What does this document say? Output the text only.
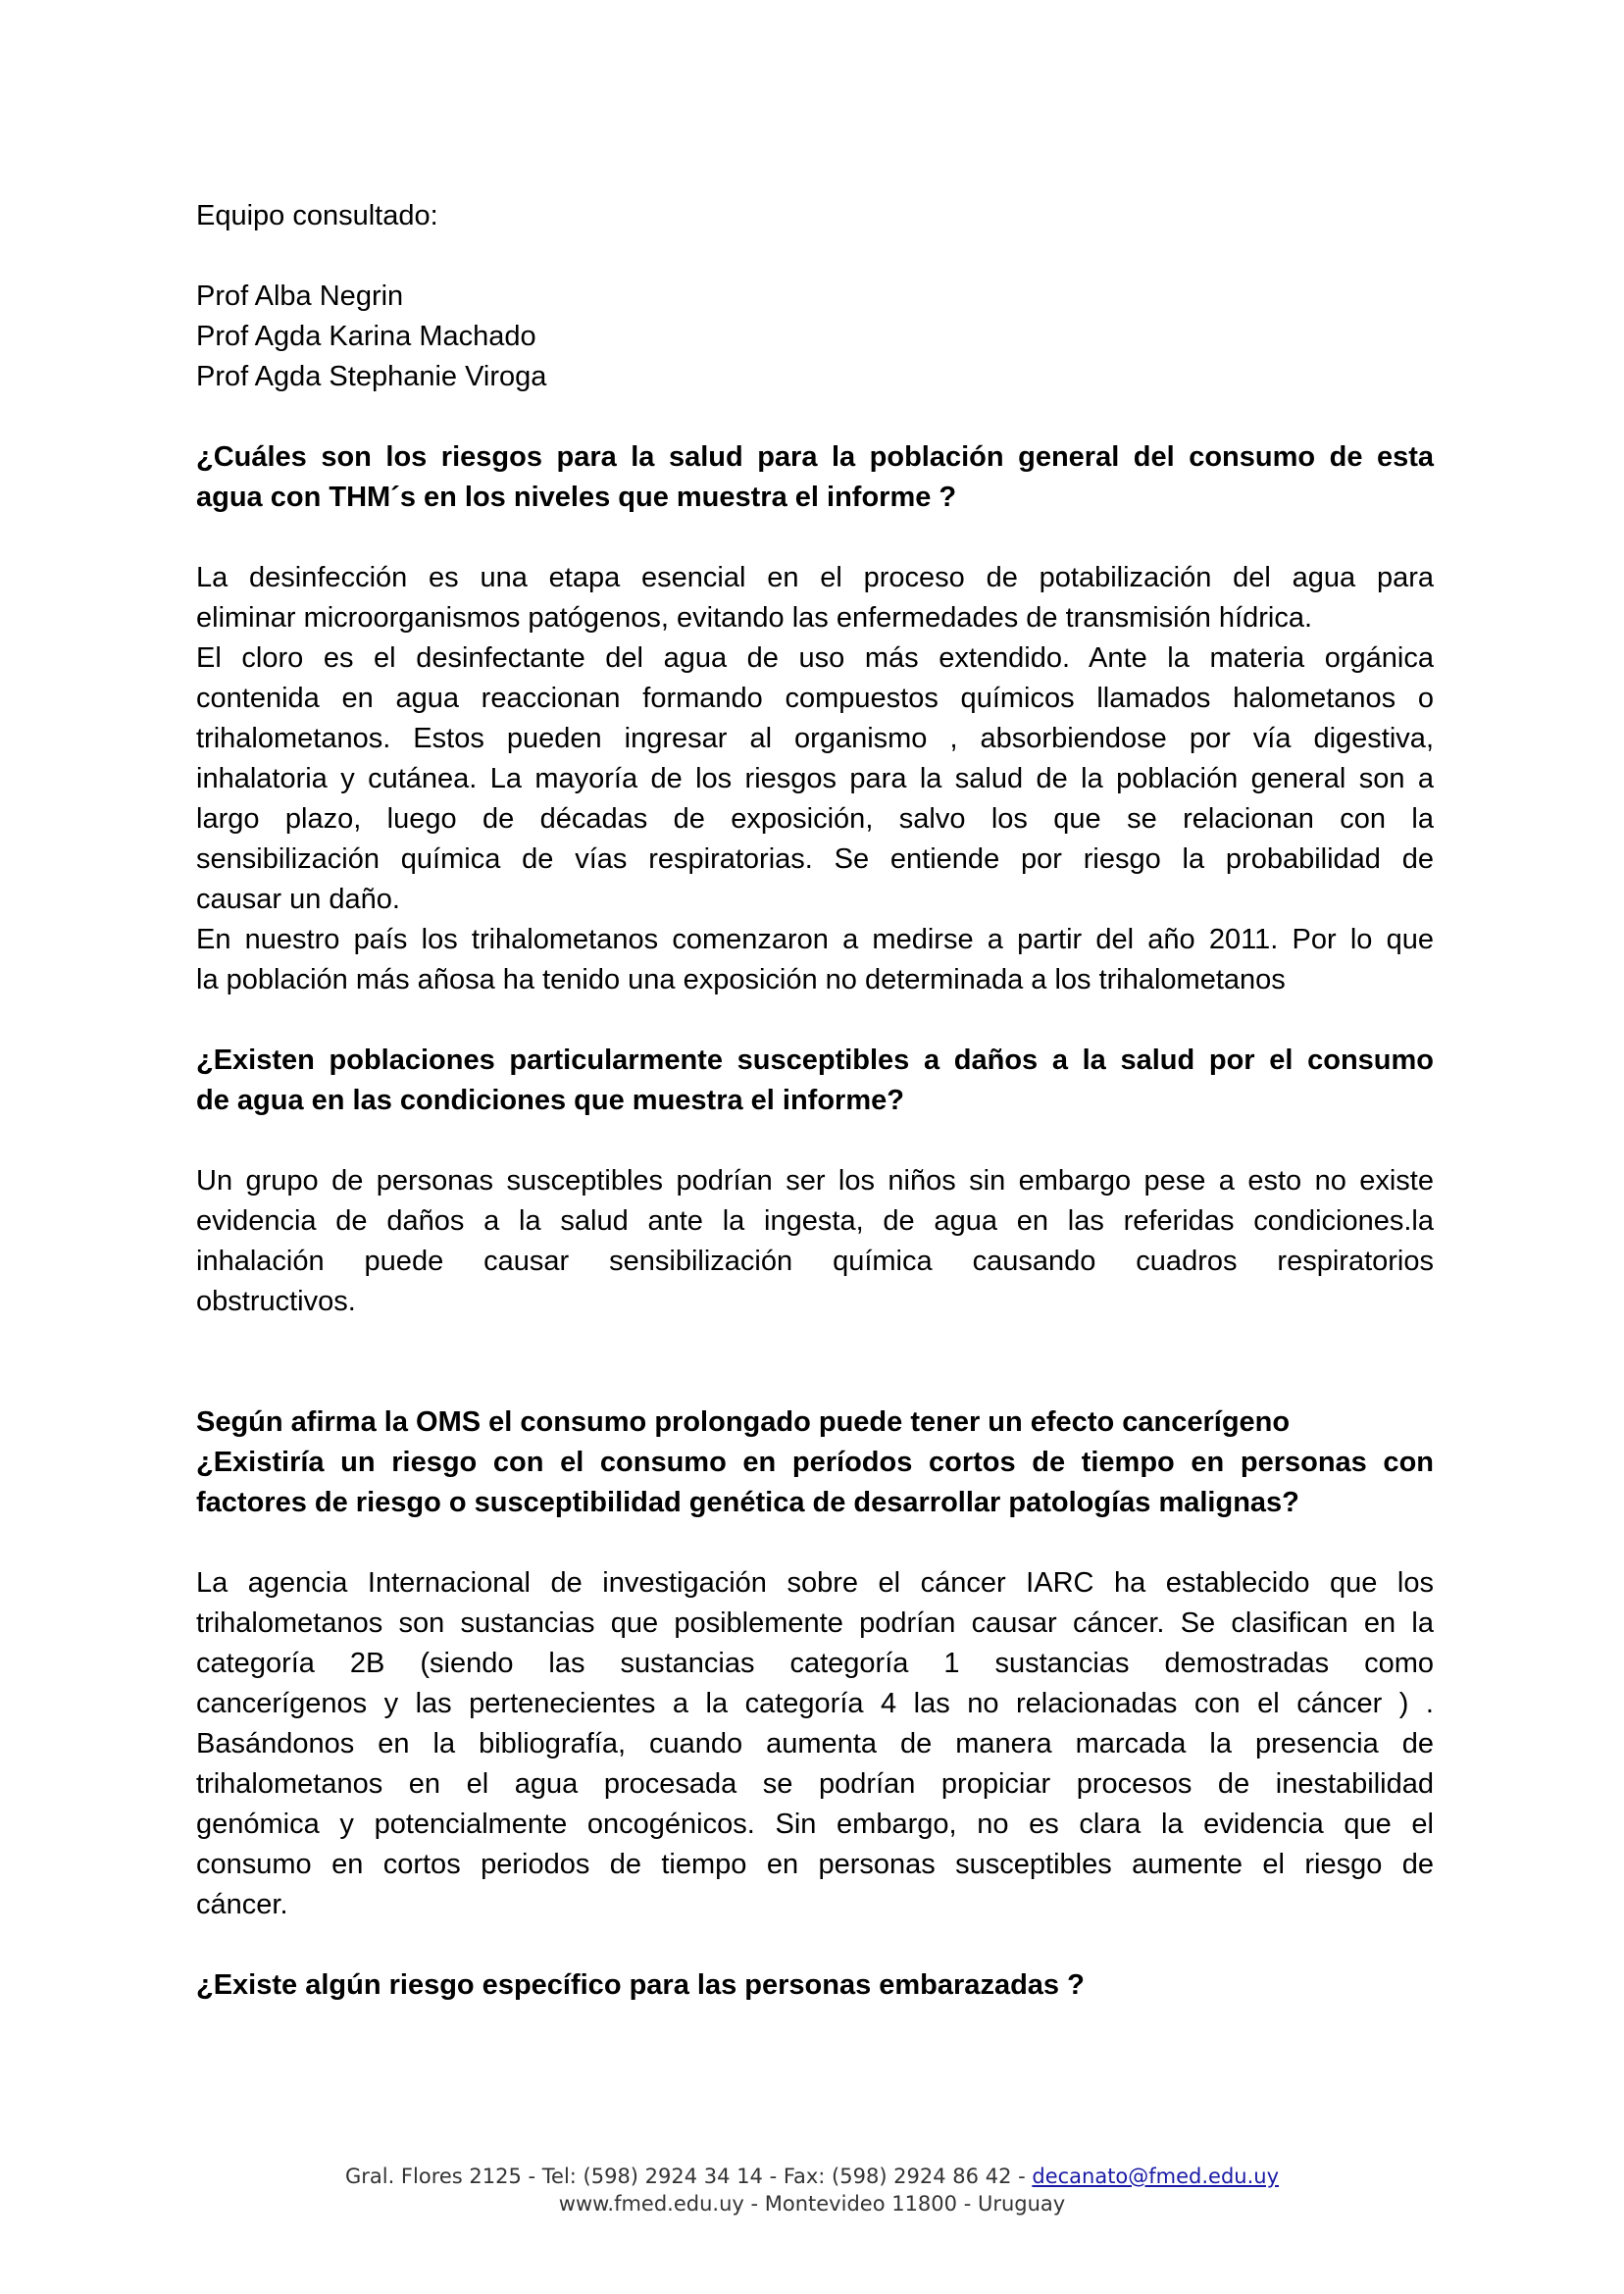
Equipo consultado:
Prof Alba Negrin
Prof Agda Karina Machado
Prof Agda Stephanie Viroga
¿Cuáles son los riesgos para la salud para la población general del consumo de esta
agua con THM´s en los niveles que muestra el informe ?
La desinfección es una etapa esencial en el proceso de potabilización del agua para
eliminar microorganismos patógenos, evitando las enfermedades de transmisión hídrica.
El cloro es el desinfectante del agua de uso más extendido. Ante la materia orgánica
contenida en agua reaccionan formando compuestos químicos llamados halometanos o
trihalometanos. Estos pueden ingresar al organismo , absorbiendose por vía digestiva,
inhalatoria y cutánea. La mayoría de los riesgos para la salud de la población general son a
largo plazo, luego de décadas de exposición, salvo los que se relacionan con la
sensibilización química de vías respiratorias. Se entiende por riesgo la probabilidad de
causar un daño.
En nuestro país los trihalometanos comenzaron a medirse a partir del año 2011. Por lo que
la población más añosa ha tenido una exposición no determinada a los trihalometanos
¿Existen poblaciones particularmente susceptibles a daños a la salud por el consumo
de agua en las condiciones que muestra el informe?
Un grupo de personas susceptibles podrían ser los niños sin embargo pese a esto no existe
evidencia de daños a la salud ante la ingesta, de agua en las referidas condiciones.la
inhalación puede causar sensibilización química causando cuadros respiratorios
obstructivos.
Según afirma la OMS el consumo prolongado puede tener un efecto cancerígeno
¿Existiría un riesgo con el consumo en períodos cortos de tiempo en personas con
factores de riesgo o susceptibilidad genética de desarrollar patologías malignas?
La agencia Internacional de investigación sobre el cáncer IARC ha establecido que los
trihalometanos son sustancias que posiblemente podrían causar cáncer. Se clasifican en la
categoría 2B (siendo las sustancias categoría 1 sustancias demostradas como
cancerígenos y las pertenecientes a la categoría 4 las no relacionadas con el cáncer ) .
Basándonos en la bibliografía, cuando aumenta de manera marcada la presencia de
trihalometanos en el agua procesada se podrían propiciar procesos de inestabilidad
genómica y potencialmente oncogénicos. Sin embargo, no es clara la evidencia que el
consumo en cortos periodos de tiempo en personas susceptibles aumente el riesgo de
cáncer.
¿Existe algún riesgo específico para las personas embarazadas ?
Gral. Flores 2125 - Tel: (598) 2924 34 14 - Fax: (598) 2924 86 42 - decanato@fmed.edu.uy
www.fmed.edu.uy - Montevideo 11800 - Uruguay
